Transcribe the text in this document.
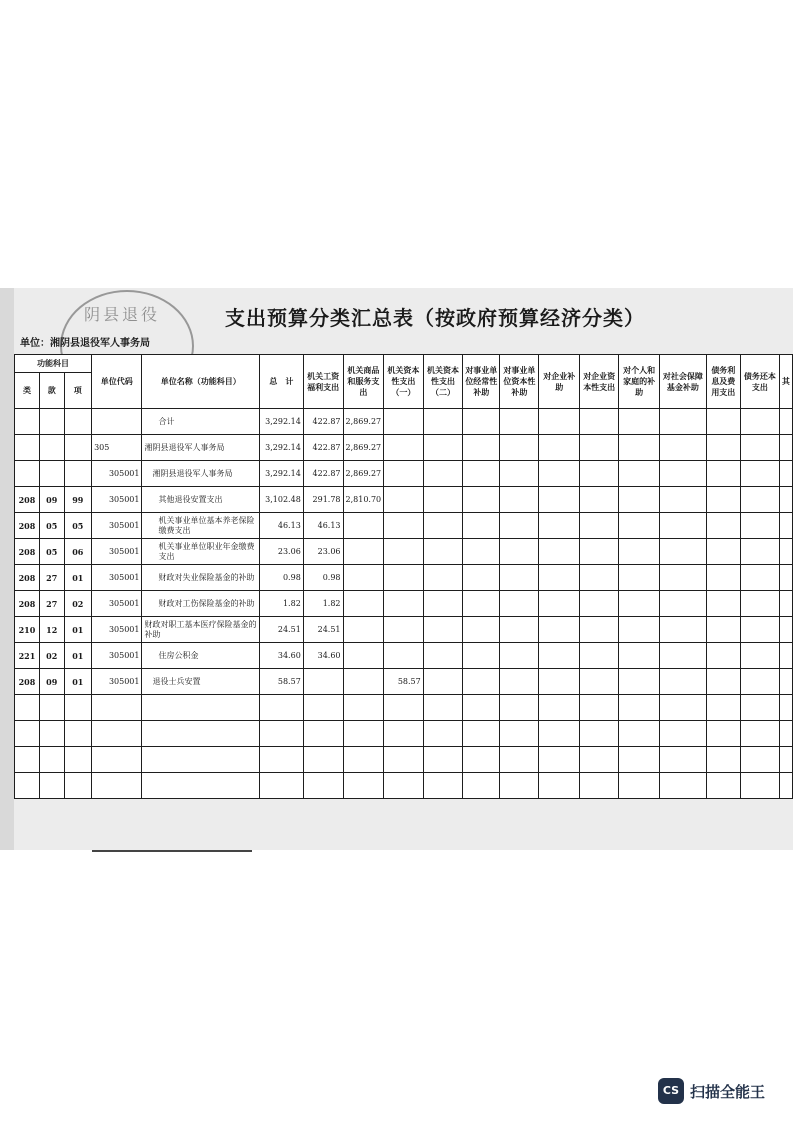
阴县退役	支出预算分类汇总表（按政府预算经济分类）
单位：湘阴县退役军人事务局
功能科目			单位代码	单位名称（功能科目）	总　计	机关工资福利支出	机关商品和服务支出	机关资本性支出（一）	机关资本性支出（二）	对事业单位经常性补助	对事业单位资本性补助	对企业补助	对企业资本性支出	对个人和家庭的补助	对社会保障基金补助	债务利息及费用支出	债务还本支出	其
类	款	项																
				合计	3,292.14	422.87	2,869.27											
			305	湘阴县退役军人事务局	3,292.14	422.87	2,869.27											
			305001	湘阴县退役军人事务局	3,292.14	422.87	2,869.27											
208	09	99	305001	其他退役安置支出	3,102.48	291.78	2,810.70											
208	05	05	305001	机关事业单位基本养老保险缴费支出	46.13	46.13												
208	05	06	305001	机关事业单位职业年金缴费支出	23.06	23.06												
208	27	01	305001	财政对失业保险基金的补助	0.98	0.98												
208	27	02	305001	财政对工伤保险基金的补助	1.82	1.82												
210	12	01	305001	财政对职工基本医疗保险基金的补助	24.51	24.51												
221	02	01	305001	住房公积金	34.60	34.60												
208	09	01	305001	退役士兵安置	58.57			58.57										

CS 扫描全能王
